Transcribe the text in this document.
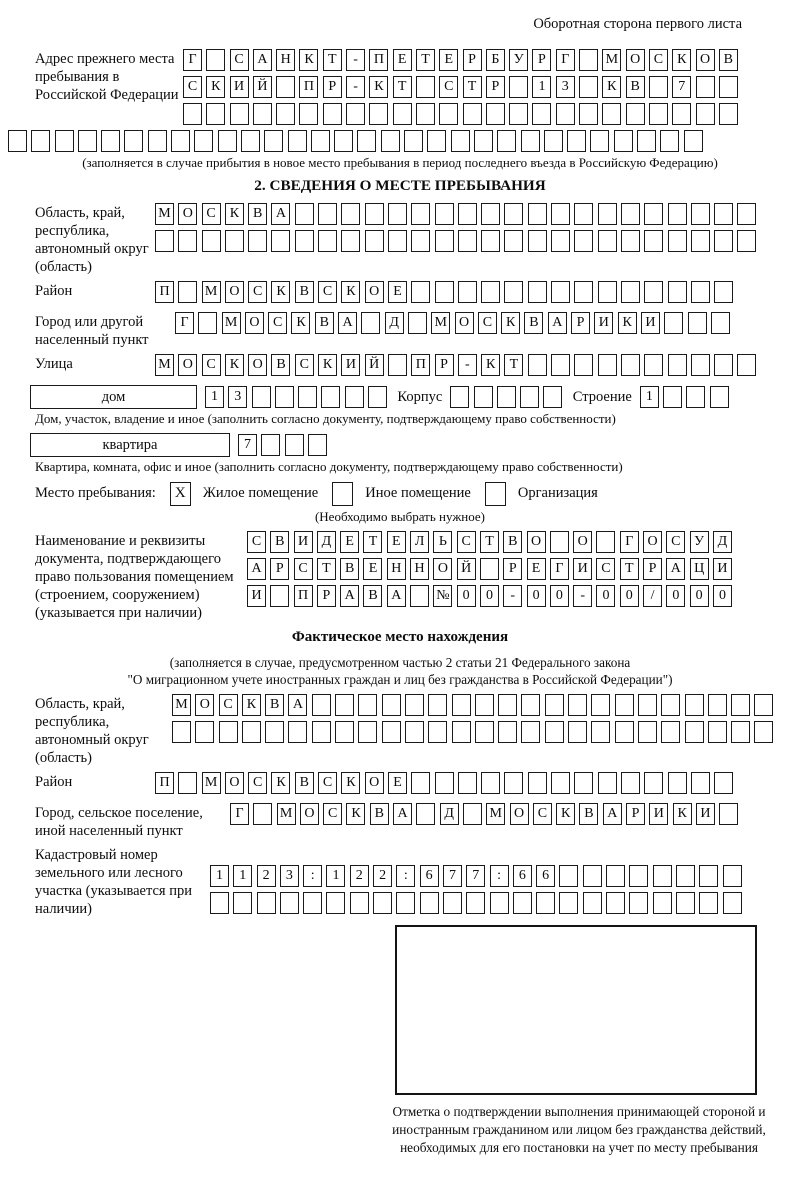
Оборотная сторона первого листа
Адрес прежнего места пребывания в Российской Федерации
Г	С А Н К	Т	-	П Е	Т	Е	Р	Б	У	Р	Г	М О С К О В
С К И Й	П	Р	-	К	Т	С	Т	Р	1	3	К В	7
(заполняется в случае прибытия в новое место пребывания в период последнего въезда в Российскую Федерацию)
2. СВЕДЕНИЯ О МЕСТЕ ПРЕБЫВАНИЯ
Область, край, республика, автономный округ (область)
М О С К В А
Район	П	М О С К В С К О Е
Город или другой населенный пункт
Г	М О С К В А	Д	М О С К В А	Р	И К И
Улица	М О С К О В С К И Й	П	Р	-	К	Т
дом	1	3	Корпус	Строение	1
Дом, участок, владение и иное (заполнить согласно документу, подтверждающему право собственности)
квартира	7
Квартира, комната, офис и иное (заполнить согласно документу, подтверждающему право собственности)
Место пребывания:	X	Жилое помещение	Иное помещение	Организация
(Необходимо выбрать нужное)
Наименование и реквизиты документа, подтверждающего право пользования помещением (строением, сооружением) (указывается при наличии)
С В И Д	Е	Т	Е	Л	Ь	С	Т	В О	О	Г	О С У Д
А	Р	С	Т	В	Е Н Н О Й	Р	Е	Г	И С	Т	Р	А Ц И
И	П	Р	А В А	№ 0	0	-	0	0	-	0	0	/	0	0	0
Фактическое место нахождения
(заполняется в случае, предусмотренном частью 2 статьи 21 Федерального закона
"О миграционном учете иностранных граждан и лиц без гражданства в Российской Федерации")
Область, край, республика, автономный округ (область)
М О С К В А
Район	П	М О С К В С К О Е
Город, сельское поселение, иной населенный пункт
Г	М О С К В А	Д	М О С К В А	Р	И К И
Кадастровый номер земельного или лесного участка (указывается при наличии)
1	1	2	3	:	1	2	2	:	6	7	7	:	6	6
Отметка о подтверждении выполнения принимающей стороной и иностранным гражданином или лицом без гражданства действий, необходимых для его постановки на учет по месту пребывания
